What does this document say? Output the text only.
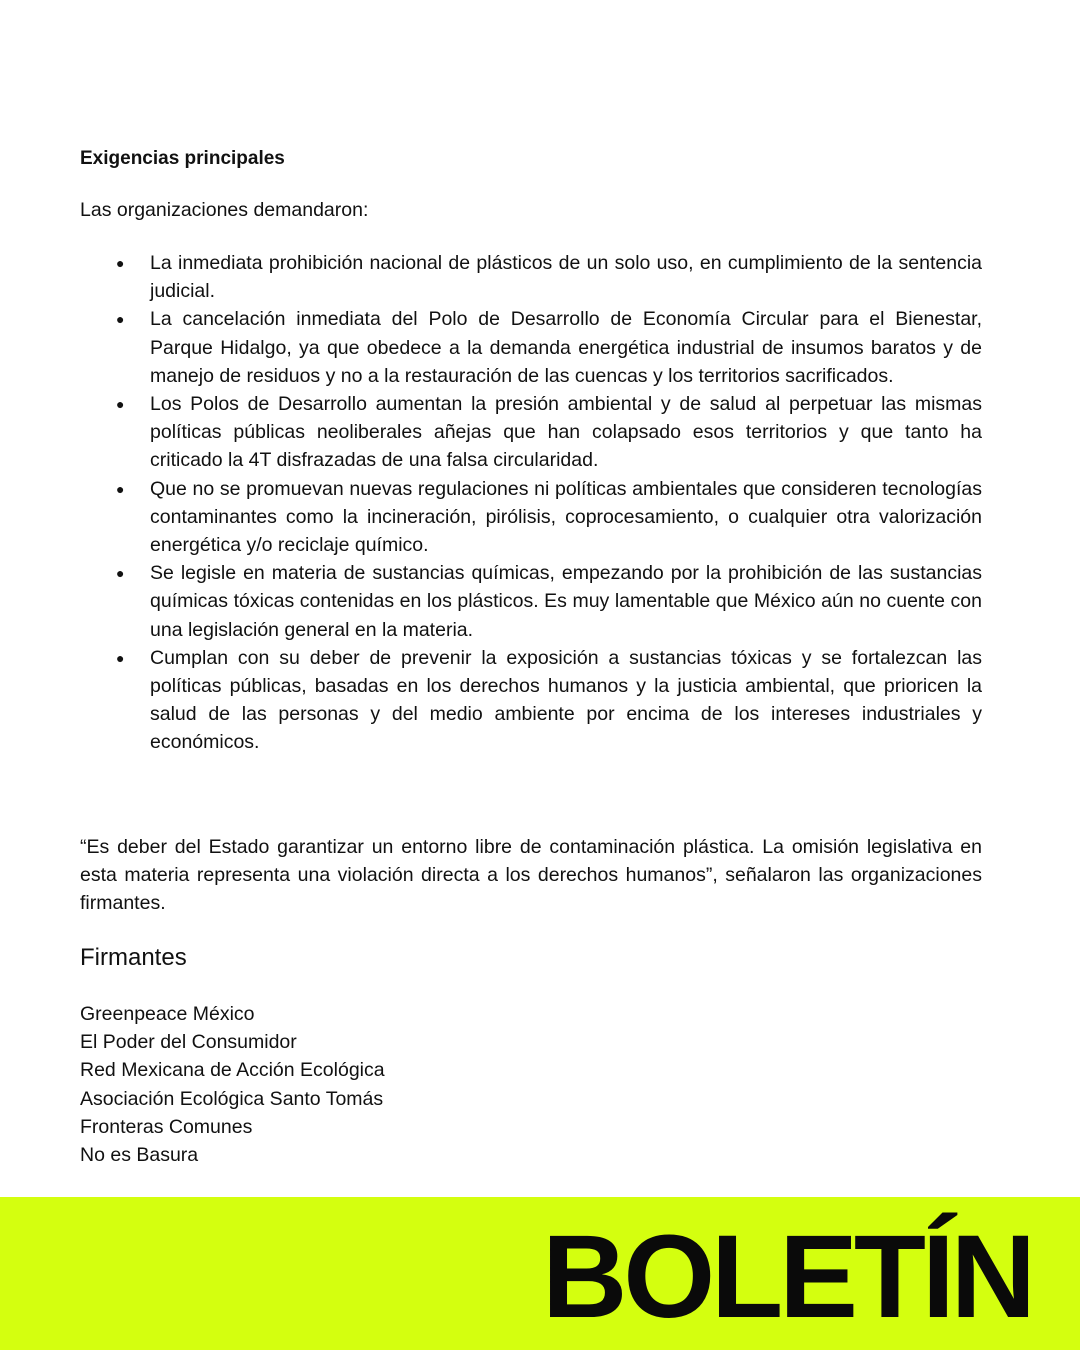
Exigencias principales

Las organizaciones demandaron:

● La inmediata prohibición nacional de plásticos de un solo uso, en cumplimiento de la sentencia judicial.
● La cancelación inmediata del Polo de Desarrollo de Economía Circular para el Bienestar, Parque Hidalgo, ya que obedece a la demanda energética industrial de insumos baratos y de manejo de residuos y no a la restauración de las cuencas y los territorios sacrificados.
● Los Polos de Desarrollo aumentan la presión ambiental y de salud al perpetuar las mismas políticas públicas neoliberales añejas que han colapsado esos territorios y que tanto ha criticado la 4T disfrazadas de una falsa circularidad.
● Que no se promuevan nuevas regulaciones ni políticas ambientales que consideren tecnologías contaminantes como la incineración, pirólisis, coprocesamiento, o cualquier otra valorización energética y/o reciclaje químico.
● Se legisle en materia de sustancias químicas, empezando por la prohibición de las sustancias químicas tóxicas contenidas en los plásticos. Es muy lamentable que México aún no cuente con una legislación general en la materia.
● Cumplan con su deber de prevenir la exposición a sustancias tóxicas y se fortalezcan las políticas públicas, basadas en los derechos humanos y la justicia ambiental, que prioricen la salud de las personas y del medio ambiente por encima de los intereses industriales y económicos.

“Es deber del Estado garantizar un entorno libre de contaminación plástica. La omisión legislativa en esta materia representa una violación directa a los derechos humanos”, señalaron las organizaciones firmantes.

Firmantes
Greenpeace México
El Poder del Consumidor
Red Mexicana de Acción Ecológica
Asociación Ecológica Santo Tomás
Fronteras Comunes
No es Basura
BOLETÍN
